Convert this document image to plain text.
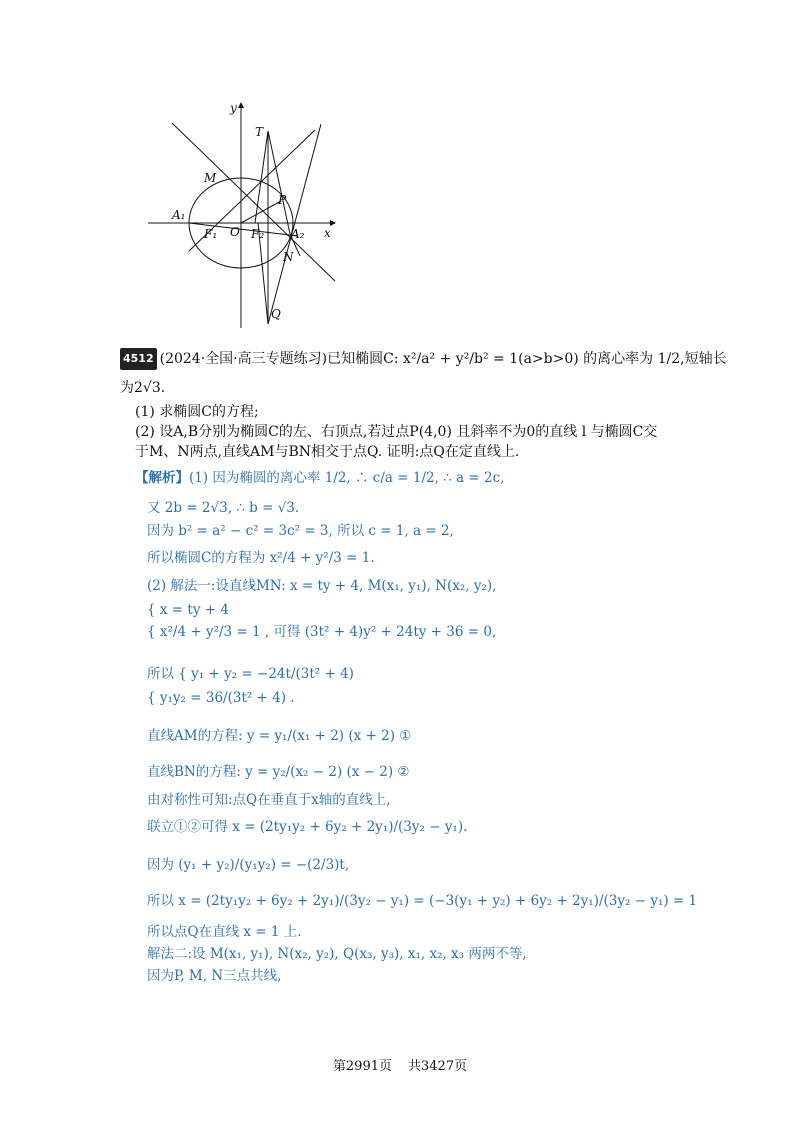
y
x
T
M
P
A₁
F₁ O F₂ A₂
N
Q
4512 (2024·全国·高三专题练习)已知椭圆C: x²/a² + y²/b² = 1(a>b>0) 的离心率为 1/2,短轴长
为2√3.
(1) 求椭圆C的方程;
(2) 设A,B分别为椭圆C的左、右顶点,若过点P(4,0) 且斜率不为0的直线 l 与椭圆C交
于M、N两点,直线AM与BN相交于点Q. 证明:点Q在定直线上.
【解析】(1) 因为椭圆的离心率 1/2, ∴ c/a = 1/2, ∴ a = 2c,
又 2b = 2√3, ∴ b = √3.
因为 b² = a² − c² = 3c² = 3, 所以 c = 1, a = 2,
所以椭圆C的方程为 x²/4 + y²/3 = 1.
(2) 解法一:设直线MN: x = ty + 4, M(x₁, y₁), N(x₂, y₂),
{ x = ty + 4
{ x²/4 + y²/3 = 1 , 可得 (3t² + 4)y² + 24ty + 36 = 0,
所以 { y₁ + y₂ = −24t/(3t² + 4)
{ y₁y₂ = 36/(3t² + 4) .
直线AM的方程: y = y₁/(x₁ + 2) (x + 2) ①
直线BN的方程: y = y₂/(x₂ − 2) (x − 2) ②
由对称性可知:点Q在垂直于x轴的直线上,
联立①②可得 x = (2ty₁y₂ + 6y₂ + 2y₁)/(3y₂ − y₁).
因为 (y₁ + y₂)/(y₁y₂) = −(2/3)t,
所以 x = (2ty₁y₂ + 6y₂ + 2y₁)/(3y₂ − y₁) = (−3(y₁ + y₂) + 6y₂ + 2y₁)/(3y₂ − y₁) = 1
所以点Q在直线 x = 1 上.
解法二:设 M(x₁, y₁), N(x₂, y₂), Q(x₃, y₃), x₁, x₂, x₃ 两两不等,
因为P, M, N三点共线,
第2991页 共3427页
